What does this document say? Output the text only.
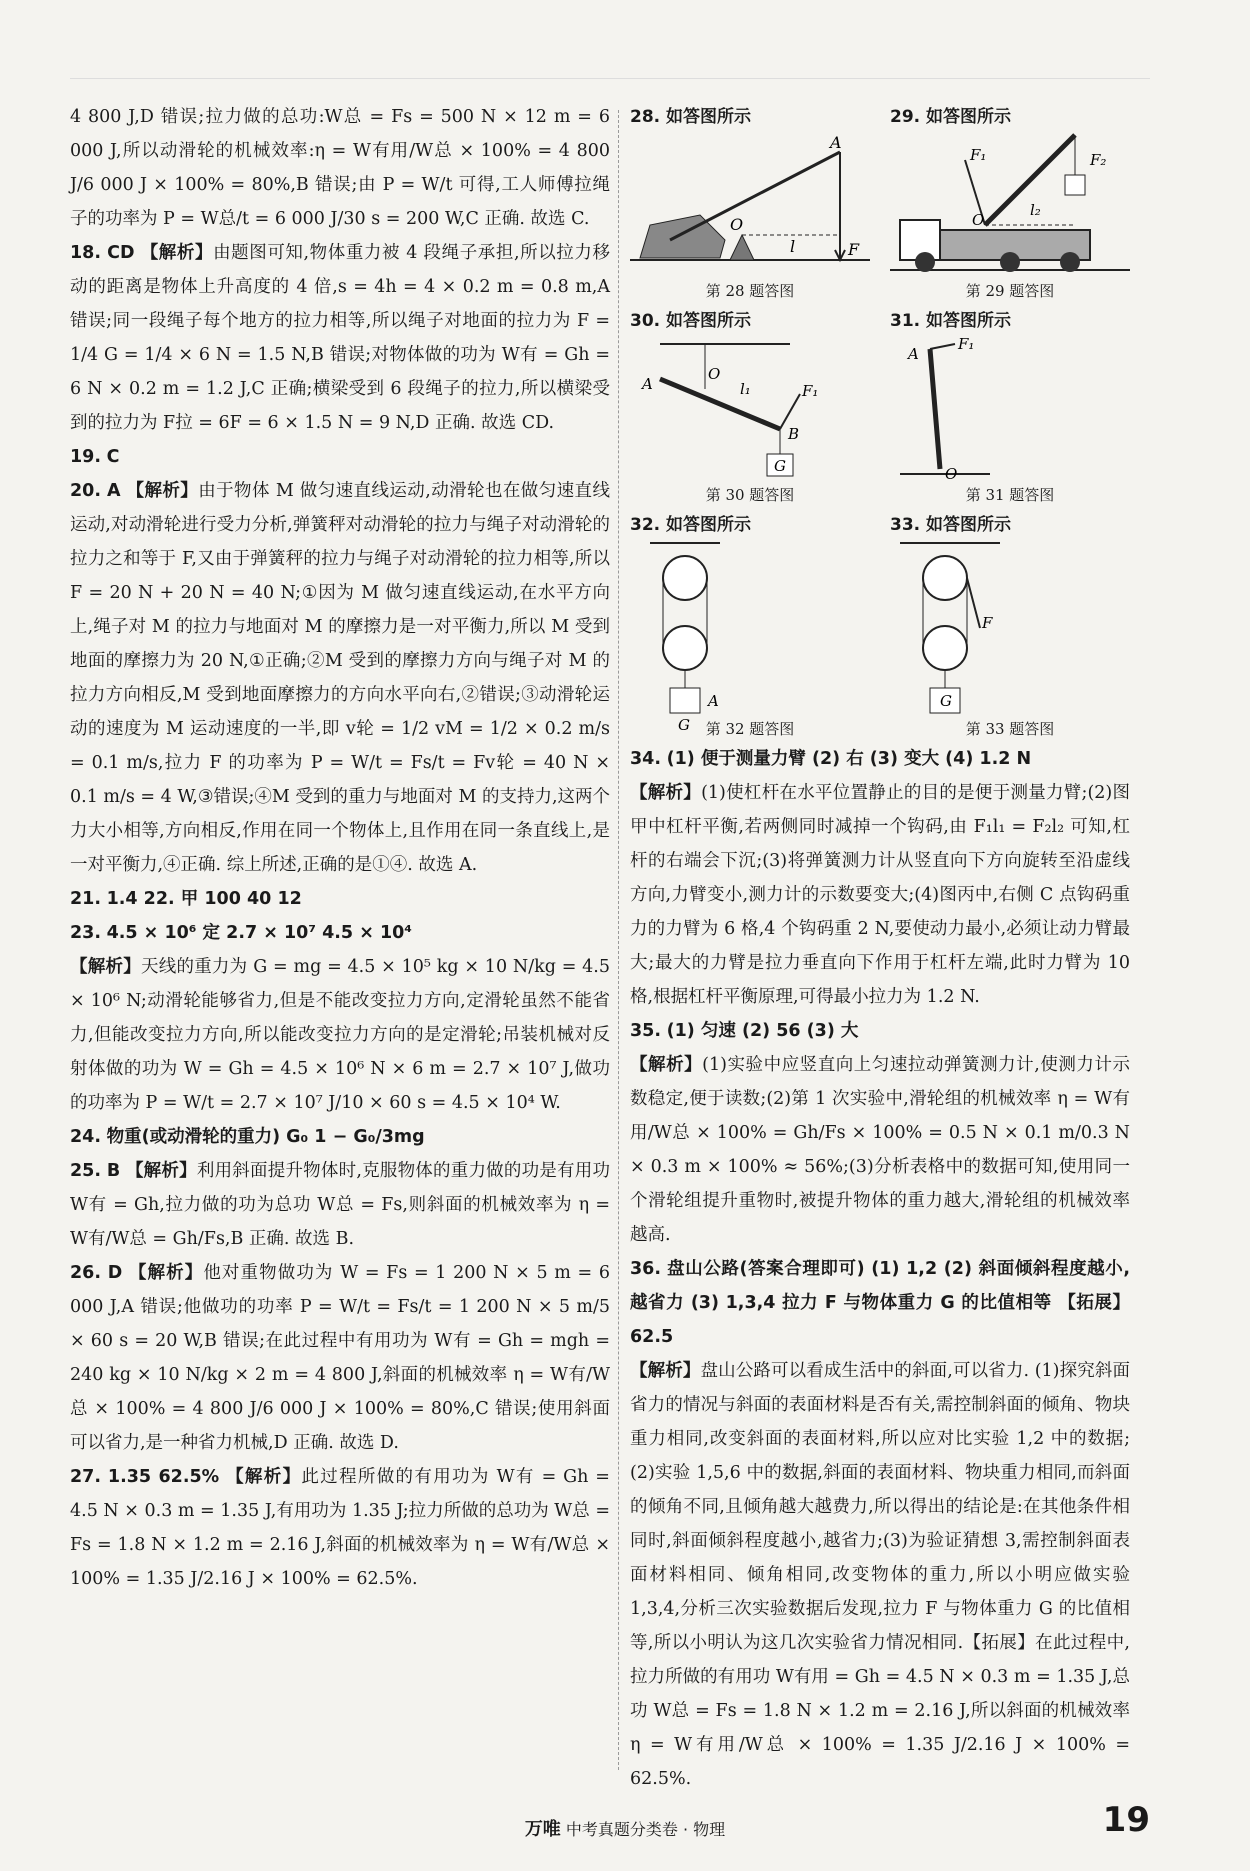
4 800 J,D 错误;拉力做的总功:W总 = Fs = 500 N × 12 m = 6 000 J,所以动滑轮的机械效率:η = W有用/W总 × 100% = 4 800 J/6 000 J × 100% = 80%,B 错误;由 P = W/t 可得,工人师傅拉绳子的功率为 P = W总/t = 6 000 J/30 s = 200 W,C 正确. 故选 C.

18. CD 【解析】由题图可知,物体重力被 4 段绳子承担,所以拉力移动的距离是物体上升高度的 4 倍,s = 4h = 4 × 0.2 m = 0.8 m,A 错误;同一段绳子每个地方的拉力相等,所以绳子对地面的拉力为 F = 1/4 G = 1/4 × 6 N = 1.5 N,B 错误;对物体做的功为 W有 = Gh = 6 N × 0.2 m = 1.2 J,C 正确;横梁受到 6 段绳子的拉力,所以横梁受到的拉力为 F拉 = 6F = 6 × 1.5 N = 9 N,D 正确. 故选 CD.

19. C

20. A 【解析】由于物体 M 做匀速直线运动,动滑轮也在做匀速直线运动,对动滑轮进行受力分析,弹簧秤对动滑轮的拉力与绳子对动滑轮的拉力之和等于 F,又由于弹簧秤的拉力与绳子对动滑轮的拉力相等,所以 F = 20 N + 20 N = 40 N;①因为 M 做匀速直线运动,在水平方向上,绳子对 M 的拉力与地面对 M 的摩擦力是一对平衡力,所以 M 受到地面的摩擦力为 20 N,①正确;②M 受到的摩擦力方向与绳子对 M 的拉力方向相反,M 受到地面摩擦力的方向水平向右,②错误;③动滑轮运动的速度为 M 运动速度的一半,即 v轮 = 1/2 vM = 1/2 × 0.2 m/s = 0.1 m/s,拉力 F 的功率为 P = W/t = Fs/t = Fv轮 = 40 N × 0.1 m/s = 4 W,③错误;④M 受到的重力与地面对 M 的支持力,这两个力大小相等,方向相反,作用在同一个物体上,且作用在同一条直线上,是一对平衡力,④正确. 综上所述,正确的是①④. 故选 A.

21. 1.4 22. 甲 100 40 12

23. 4.5 × 10⁶ 定 2.7 × 10⁷ 4.5 × 10⁴

【解析】天线的重力为 G = mg = 4.5 × 10⁵ kg × 10 N/kg = 4.5 × 10⁶ N;动滑轮能够省力,但是不能改变拉力方向,定滑轮虽然不能省力,但能改变拉力方向,所以能改变拉力方向的是定滑轮;吊装机械对反射体做的功为 W = Gh = 4.5 × 10⁶ N × 6 m = 2.7 × 10⁷ J,做功的功率为 P = W/t = 2.7 × 10⁷ J/10 × 60 s = 4.5 × 10⁴ W.

24. 物重(或动滑轮的重力) G₀ 1 − G₀/3mg

25. B 【解析】利用斜面提升物体时,克服物体的重力做的功是有用功 W有 = Gh,拉力做的功为总功 W总 = Fs,则斜面的机械效率为 η = W有/W总 = Gh/Fs,B 正确. 故选 B.

26. D 【解析】他对重物做功为 W = Fs = 1 200 N × 5 m = 6 000 J,A 错误;他做功的功率 P = W/t = Fs/t = 1 200 N × 5 m/5 × 60 s = 20 W,B 错误;在此过程中有用功为 W有 = Gh = mgh = 240 kg × 10 N/kg × 2 m = 4 800 J,斜面的机械效率 η = W有/W总 × 100% = 4 800 J/6 000 J × 100% = 80%,C 错误;使用斜面可以省力,是一种省力机械,D 正确. 故选 D.

27. 1.35 62.5% 【解析】此过程所做的有用功为 W有 = Gh = 4.5 N × 0.3 m = 1.35 J,有用功为 1.35 J;拉力所做的总功为 W总 = Fs = 1.8 N × 1.2 m = 2.16 J,斜面的机械效率为 η = W有/W总 × 100% = 1.35 J/2.16 J × 100% = 62.5%.

28. 如答图所示
A
O
l	F
第 28 题答图
29. 如答图所示
F₁	F₂
O
l₂
第 29 题答图
30. 如答图所示
A
O
l₁	F₁
B
G
第 30 题答图
31. 如答图所示
A
F₁
O
第 31 题答图
32. 如答图所示
A
G	第 32 题答图
33. 如答图所示
F
G
第 33 题答图

34. (1) 便于测量力臂 (2) 右 (3) 变大 (4) 1.2 N
【解析】(1)使杠杆在水平位置静止的目的是便于测量力臂;(2)图甲中杠杆平衡,若两侧同时减掉一个钩码,由 F₁l₁ = F₂l₂ 可知,杠杆的右端会下沉;(3)将弹簧测力计从竖直向下方向旋转至沿虚线方向,力臂变小,测力计的示数要变大;(4)图丙中,右侧 C 点钩码重力的力臂为 6 格,4 个钩码重 2 N,要使动力最小,必须让动力臂最大;最大的力臂是拉力垂直向下作用于杠杆左端,此时力臂为 10 格,根据杠杆平衡原理,可得最小拉力为 1.2 N.

35. (1) 匀速 (2) 56 (3) 大
【解析】(1)实验中应竖直向上匀速拉动弹簧测力计,使测力计示数稳定,便于读数;(2)第 1 次实验中,滑轮组的机械效率 η = W有用/W总 × 100% = Gh/Fs × 100% = 0.5 N × 0.1 m/0.3 N × 0.3 m × 100% ≈ 56%;(3)分析表格中的数据可知,使用同一个滑轮组提升重物时,被提升物体的重力越大,滑轮组的机械效率越高.

36. 盘山公路(答案合理即可) (1) 1,2 (2) 斜面倾斜程度越小,越省力 (3) 1,3,4 拉力 F 与物体重力 G 的比值相等 【拓展】62.5

【解析】盘山公路可以看成生活中的斜面,可以省力. (1)探究斜面省力的情况与斜面的表面材料是否有关,需控制斜面的倾角、物块重力相同,改变斜面的表面材料,所以应对比实验 1,2 中的数据;(2)实验 1,5,6 中的数据,斜面的表面材料、物块重力相同,而斜面的倾角不同,且倾角越大越费力,所以得出的结论是:在其他条件相同时,斜面倾斜程度越小,越省力;(3)为验证猜想 3,需控制斜面表面材料相同、倾角相同,改变物体的重力,所以小明应做实验 1,3,4,分析三次实验数据后发现,拉力 F 与物体重力 G 的比值相等,所以小明认为这几次实验省力情况相同.【拓展】在此过程中,拉力所做的有用功 W有用 = Gh = 4.5 N × 0.3 m = 1.35 J,总功 W总 = Fs = 1.8 N × 1.2 m = 2.16 J,所以斜面的机械效率 η = W有用/W总 × 100% = 1.35 J/2.16 J × 100% = 62.5%.

万唯 中考真题分类卷 · 物理	19
